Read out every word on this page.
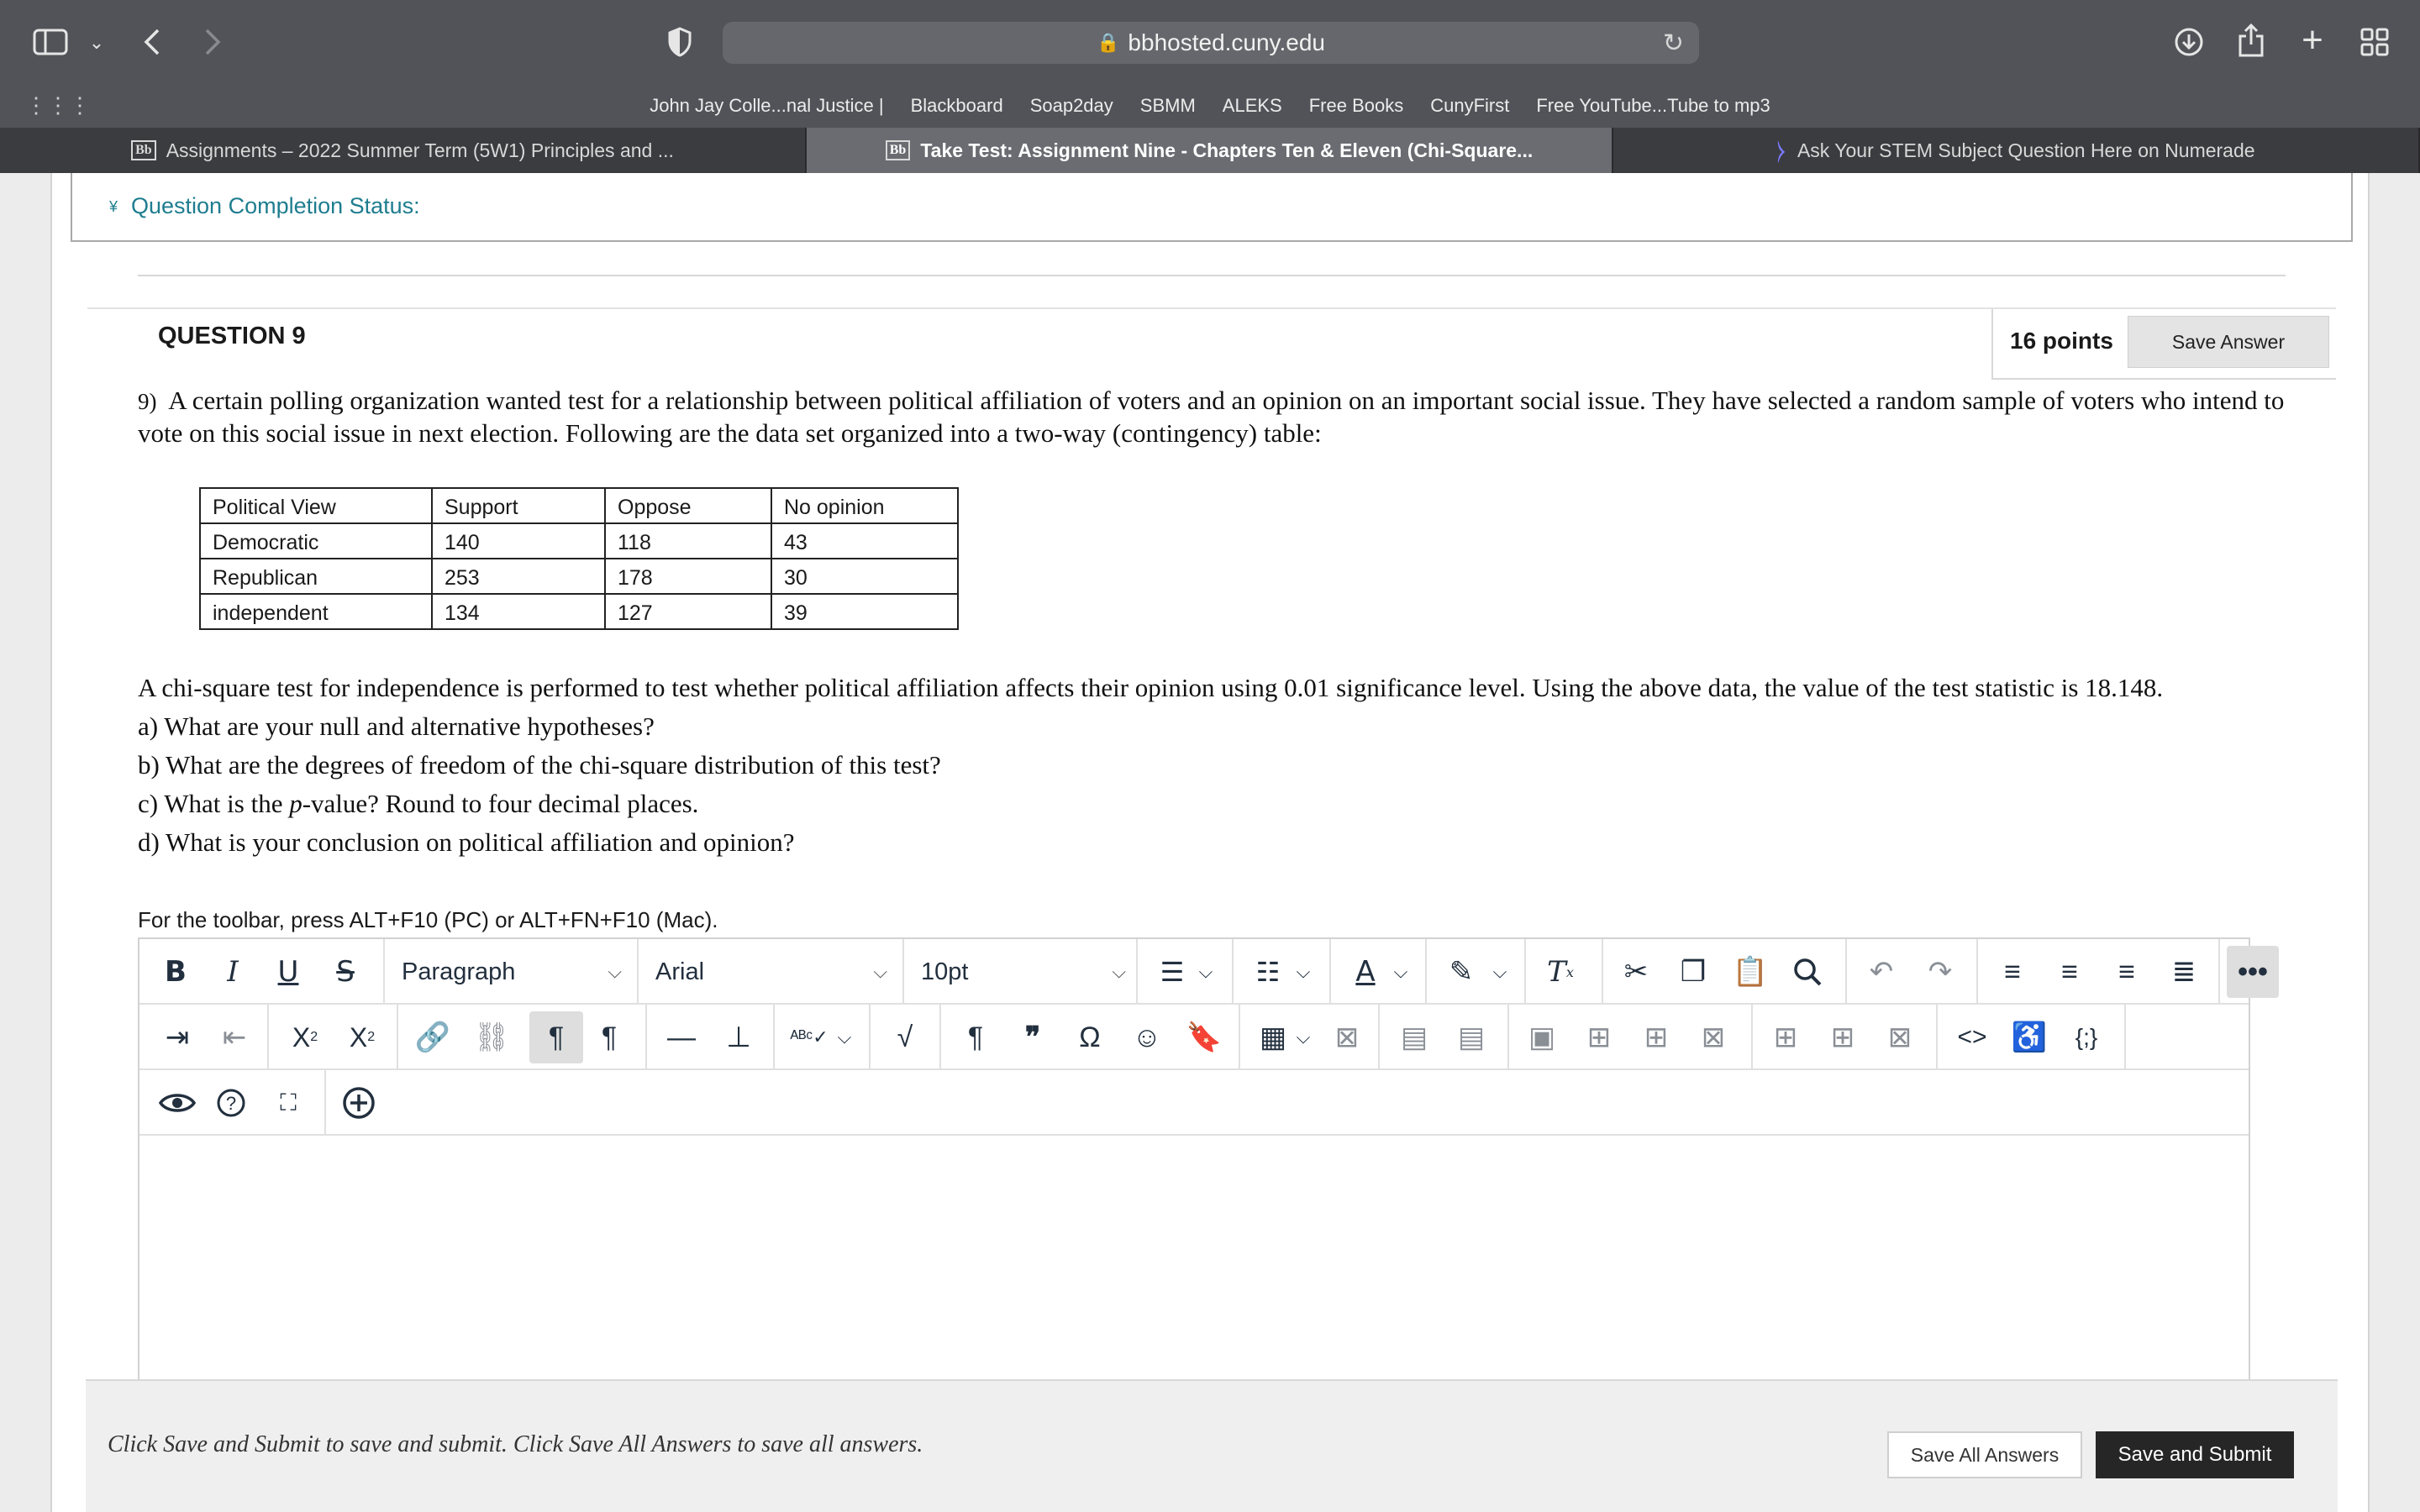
⌄	🔒 bbhosted.cuny.edu	↻	+
⋮⋮⋮	John Jay Colle...nal Justice | Blackboard Soap2day SBMM ALEKS Free Books CunyFirst Free YouTube...Tube to mp3
Bb Assignments – 2022 Summer Term (5W1) Principles and ...	Bb Take Test: Assignment Nine - Chapters Ten & Eleven (Chi-Square...	⧽ Ask Your STEM Subject Question Here on Numerade
¥ Question Completion Status:
QUESTION 9	16 points	Save Answer
9) A certain polling organization wanted test for a relationship between political affiliation of voters and an opinion on an important social issue. They have selected a random sample of voters who intend to vote on this social issue in next election. Following are the data set organized into a two-way (contingency) table:
Political View	Support	Oppose	No opinion
Democratic	140	118	43
Republican	253	178	30
independent	134	127	39

A chi-square test for independence is performed to test whether political affiliation affects their opinion using 0.01 significance level. Using the above data, the value of the test statistic is 18.148.

a) What are your null and alternative hypotheses?

b) What are the degrees of freedom of the chi-square distribution of this test?

c) What is the p-value? Round to four decimal places.

d) What is your conclusion on political affiliation and opinion?

For the toolbar, press ALT+F10 (PC) or ALT+FN+F10 (Mac).
B	I	U	S	Paragraph	⌵ Arial	⌵ 10pt	⌵	☰ ⌵	☷ ⌵	A	⌵	✎	⌵ T x	✂	❐ 📋	↶	↷	≡	≡	≡	≣	•••
⇥	⇤	X 2	X 2 🔗 ⛓	¶	¶	— ⊥	ᴬᴮᶜ✓ ⌵	√	¶	❞	Ω	☺ 🔖 ▦ ⌵ ⊠	▤ ▤ ▣	⊞	⊞	⊠	⊞	⊞	⊠	<> ♿	{;}
?	⛶
Click Save and Submit to save and submit. Click Save All Answers to save all answers.	Save All Answers	Save and Submit
